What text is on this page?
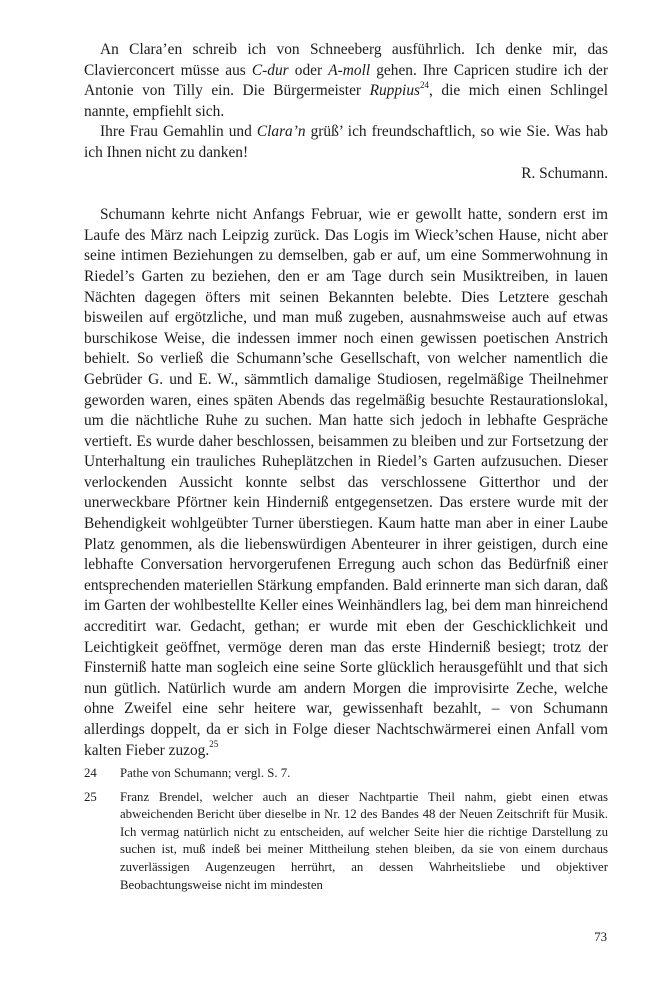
An Clara’en schreib ich von Schneeberg ausführlich. Ich denke mir, das Clavierconcert müsse aus C-dur oder A-moll gehen. Ihre Capricen studire ich der Antonie von Tilly ein. Die Bürgermeister Ruppius$^{24}$, die mich einen Schlingel nannte, empfiehlt sich.

Ihre Frau Gemahlin und Clara’n grüß’ ich freundschaftlich, so wie Sie. Was hab ich Ihnen nicht zu danken!

R. Schumann.

Schumann kehrte nicht Anfangs Februar, wie er gewollt hatte, sondern erst im Laufe des März nach Leipzig zurück. Das Logis im Wieck’schen Hause, nicht aber seine intimen Beziehungen zu demselben, gab er auf, um eine Sommerwohnung in Riedel’s Garten zu beziehen, den er am Tage durch sein Musiktreiben, in lauen Nächten dagegen öfters mit seinen Bekannten belebte. Dies Letztere geschah bisweilen auf ergötzliche, und man muß zugeben, ausnahmsweise auch auf etwas burschikose Weise, die indessen immer noch einen gewissen poetischen Anstrich behielt. So verließ die Schumann’sche Gesellschaft, von welcher namentlich die Gebrüder G. und E. W., sämmtlich damalige Studiosen, regelmäßige Theilnehmer geworden waren, eines späten Abends das regelmäßig besuchte Restaurationslokal, um die nächtliche Ruhe zu suchen. Man hatte sich jedoch in lebhafte Gespräche vertieft. Es wurde daher beschlossen, beisammen zu bleiben und zur Fortsetzung der Unterhaltung ein trauliches Ruheplätzchen in Riedel’s Garten aufzusuchen. Dieser verlockenden Aussicht konnte selbst das verschlossene Gitterthor und der unerweckbare Pförtner kein Hinderniß entgegensetzen. Das erstere wurde mit der Behendigkeit wohlgeübter Turner überstiegen. Kaum hatte man aber in einer Laube Platz genommen, als die liebenswürdigen Abenteurer in ihrer geistigen, durch eine lebhafte Conversation hervorgerufenen Erregung auch schon das Bedürfniß einer entsprechenden materiellen Stärkung empfanden. Bald erinnerte man sich daran, daß im Garten der wohlbestellte Keller eines Weinhändlers lag, bei dem man hinreichend accreditirt war. Gedacht, gethan; er wurde mit eben der Geschicklichkeit und Leichtigkeit geöffnet, vermöge deren man das erste Hinderniß besiegt; trotz der Finsterniß hatte man sogleich eine seine Sorte glücklich herausgefühlt und that sich nun gütlich. Natürlich wurde am andern Morgen die improvisirte Zeche, welche ohne Zweifel eine sehr heitere war, gewissenhaft bezahlt, – von Schumann allerdings doppelt, da er sich in Folge dieser Nachtschwärmerei einen Anfall vom kalten Fieber zuzog.$^{25}$

24 Pathe von Schumann; vergl. S. 7.
25 Franz Brendel, welcher auch an dieser Nachtpartie Theil nahm, giebt einen etwas abweichenden Bericht über dieselbe in Nr. 12 des Bandes 48 der Neuen Zeitschrift für Musik. Ich vermag natürlich nicht zu entscheiden, auf welcher Seite hier die richtige Darstellung zu suchen ist, muß indeß bei meiner Mittheilung stehen bleiben, da sie von einem durchaus zuverlässigen Augenzeugen herrührt, an dessen Wahrheitsliebe und objektiver Beobachtungsweise nicht im mindesten
73
